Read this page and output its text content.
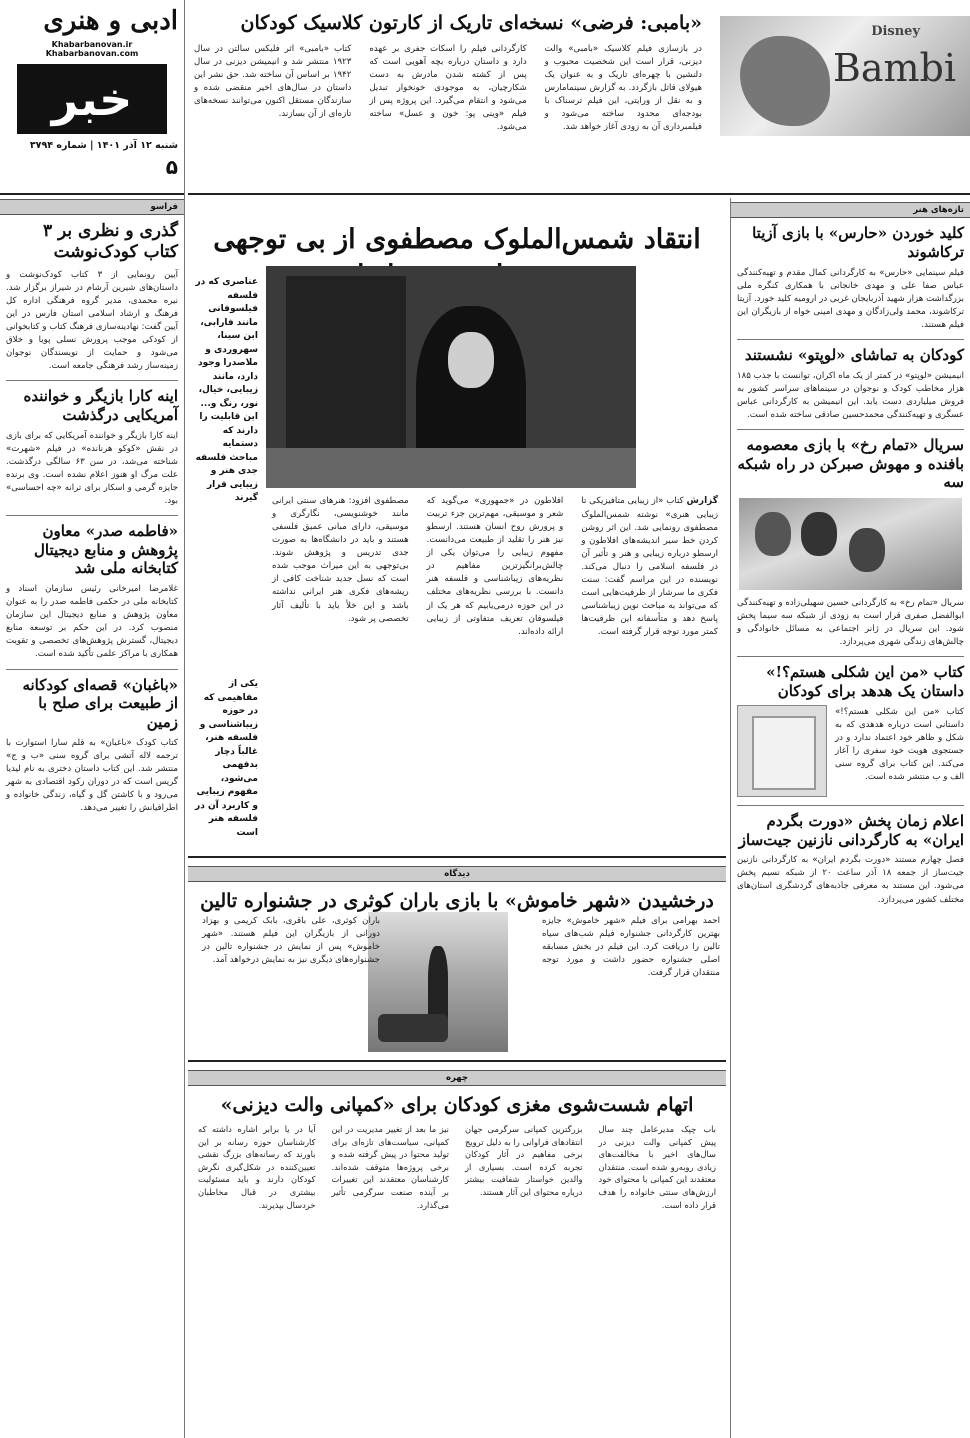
ادبی و هنری
Khabarbanovan.ir Khabarbanovan.com
خبر
شنبه ۱۲ آذر ۱۴۰۱ | شماره ۳۷۹۴
۵
فراسو
گذری و نظری بر ۳ کتاب کودک‌نوشت
آیین رونمایی از ۳ کتاب کودک‌نوشت و داستان‌های شیرین آرشام در شیراز برگزار شد. نیره محمدی، مدیر گروه فرهنگی اداره کل فرهنگ و ارشاد اسلامی استان فارس در این آیین گفت: نهادینه‌سازی فرهنگ کتاب و کتابخوانی از کودکی موجب پرورش نسلی پویا و خلاق می‌شود و حمایت از نویسندگان نوجوان زمینه‌ساز رشد فرهنگی جامعه است.
اینه کارا بازیگر و خواننده آمریکایی درگذشت
اینه کارا بازیگر و خواننده آمریکایی که برای بازی در نقش «کوکو هرنانده» در فیلم «شهرت» شناخته می‌شد، در سن ۶۳ سالگی درگذشت. علت مرگ او هنوز اعلام نشده است. وی برنده جایزه گرمی و اسکار برای ترانه «چه احساسی» بود.
«فاطمه صدر» معاون پژوهش و منابع دیجیتال کتابخانه ملی شد
غلامرضا امیرخانی رئیس سازمان اسناد و کتابخانه ملی در حکمی فاطمه صدر را به عنوان معاون پژوهش و منابع دیجیتال این سازمان منصوب کرد. در این حکم بر توسعه منابع دیجیتال، گسترش پژوهش‌های تخصصی و تقویت همکاری با مراکز علمی تأکید شده است.
«باغبان» قصه‌ای کودکانه از طبیعت برای صلح با زمین
کتاب کودک «باغبان» به قلم سارا استوارت با ترجمه لاله آتشی برای گروه سنی «ب و ج» منتشر شد. این کتاب داستان دختری به نام لیدیا گریس است که در دوران رکود اقتصادی به شهر می‌رود و با کاشتن گل و گیاه، زندگی خانواده و اطرافیانش را تغییر می‌دهد.
Disney
Bambi
«بامبی: فرضی» نسخه‌ای تاریک از کارتون کلاسیک کودکان
در بازسازی فیلم کلاسیک «بامبی» والت دیزنی، قرار است این شخصیت محبوب و دلنشین با چهره‌ای تاریک و به عنوان یک هیولای قاتل بازگردد. به گزارش سینمامارس و به نقل از ورایتی، این فیلم ترسناک با بودجه‌ای محدود ساخته می‌شود و فیلمبرداری آن به زودی آغاز خواهد شد.
کارگردانی فیلم را اسکات جفری بر عهده دارد و داستان درباره بچه آهویی است که پس از کشته شدن مادرش به دست شکارچیان، به موجودی خونخوار تبدیل می‌شود و انتقام می‌گیرد. این پروژه پس از فیلم «وینی پو: خون و عسل» ساخته می‌شود.
کتاب «بامبی» اثر فلیکس سالتن در سال ۱۹۲۳ منتشر شد و انیمیشن دیزنی در سال ۱۹۴۲ بر اساس آن ساخته شد. حق نشر این داستان در سال‌های اخیر منقضی شده و سازندگان مستقل اکنون می‌توانند نسخه‌های تازه‌ای از آن بسازند.
تازه‌های هنر
کلید خوردن «حارس» با بازی آزیتا ترکاشوند
فیلم سینمایی «حارس» به کارگردانی کمال مقدم و تهیه‌کنندگی عباس صفا علی و مهدی خانجانی با همکاری کنگره ملی بزرگداشت هزار شهید آذربایجان غربی در ارومیه کلید خورد. آزیتا ترکاشوند، محمد ولی‌زادگان و مهدی امینی خواه از بازیگران این فیلم هستند.
کودکان به تماشای «لوپتو» نشستند
انیمیشن «لوپتو» در کمتر از یک ماه اکران، توانست با جذب ۱۸۵ هزار مخاطب کودک و نوجوان در سینماهای سراسر کشور به فروش میلیاردی دست یابد. این انیمیشن به کارگردانی عباس عسگری و تهیه‌کنندگی محمدحسین صادقی ساخته شده است.
سریال «تمام رخ» با بازی معصومه بافنده و مهوش صبرکن در راه شبکه سه
سریال «تمام رخ» به کارگردانی حسین سهیلی‌زاده و تهیه‌کنندگی ابوالفضل صفری قرار است به زودی از شبکه سه سیما پخش شود. این سریال در ژانر اجتماعی به مسائل خانوادگی و چالش‌های زندگی شهری می‌پردازد.
کتاب «من این شکلی هستم؟!» داستان یک هدهد برای کودکان
کتاب «من این شکلی هستم؟!» داستانی است درباره هدهدی که به شکل و ظاهر خود اعتماد ندارد و در جستجوی هویت خود سفری را آغاز می‌کند. این کتاب برای گروه سنی الف و ب منتشر شده است.
اعلام زمان پخش «دورت بگردم ایران» به کارگردانی نازنین جیت‌ساز
فصل چهارم مستند «دورت بگردم ایران» به کارگردانی نازنین جیت‌ساز از جمعه ۱۸ آذر ساعت ۲۰ از شبکه نسیم پخش می‌شود. این مستند به معرفی جاذبه‌های گردشگری استان‌های مختلف کشور می‌پردازد.
انتقاد شمس‌الملوک مصطفوی از بی توجهی
عناصری که در فلسفه فیلسوفانی مانند فارابی، ابن سینا، سهروردی و ملاصدرا وجود دارد، مانند زیبایی، خیال، نور، رنگ و... این قابلیت را دارند که دستمایه مباحث فلسفه جدی هنر و زیبایی قرار گیرند
یکی از مفاهیمی که در حوزه زیباشناسی و فلسفه هنر، غالباً دچار بدفهمی می‌شود، مفهوم زیبایی و کاربرد آن در فلسفه هنر است
گزارش کتاب «از زیبایی متافیزیکی تا زیبایی هنری» نوشته شمس‌الملوک مصطفوی رونمایی شد. این اثر روشن کردن خط سیر اندیشه‌های افلاطون و ارسطو درباره زیبایی و هنر و تأثیر آن در فلسفه اسلامی را دنبال می‌کند. نویسنده در این مراسم گفت: سنت فکری ما سرشار از ظرفیت‌هایی است که می‌تواند به مباحث نوین زیباشناسی پاسخ دهد و متأسفانه این ظرفیت‌ها کمتر مورد توجه قرار گرفته است.
افلاطون در «جمهوری» می‌گوید که شعر و موسیقی، مهم‌ترین جزء تربیت و پرورش روح انسان هستند. ارسطو نیز هنر را تقلید از طبیعت می‌دانست. مفهوم زیبایی را می‌توان یکی از چالش‌برانگیزترین مفاهیم در نظریه‌های زیباشناسی و فلسفه هنر دانست. با بررسی نظریه‌های مختلف در این حوزه درمی‌یابیم که هر یک از فیلسوفان تعریف متفاوتی از زیبایی ارائه داده‌اند.
مصطفوی افزود: هنرهای سنتی ایرانی مانند خوشنویسی، نگارگری و موسیقی، دارای مبانی عمیق فلسفی هستند و باید در دانشگاه‌ها به صورت جدی تدریس و پژوهش شوند. بی‌توجهی به این میراث موجب شده است که نسل جدید شناخت کافی از ریشه‌های فکری هنر ایرانی نداشته باشد و این خلأ باید با تألیف آثار تخصصی پر شود.
دیدگاه
درخشیدن «شهر خاموش» با بازی باران کوثری در جشنواره تالین
احمد بهرامی برای فیلم «شهر خاموش» جایزه بهترین کارگردانی جشنواره فیلم شب‌های سیاه تالین را دریافت کرد. این فیلم در بخش مسابقه اصلی جشنواره حضور داشت و مورد توجه منتقدان قرار گرفت.
باران کوثری، علی باقری، بابک کریمی و بهزاد دورانی از بازیگران این فیلم هستند. «شهر خاموش» پس از نمایش در جشنواره تالین در جشنواره‌های دیگری نیز به نمایش درخواهد آمد.
چهره
اتهام شست‌شوی مغزی کودکان برای «کمپانی والت دیزنی»
باب چپک مدیرعامل چند سال پیش کمپانی والت دیزنی در سال‌های اخیر با مخالفت‌های زیادی روبه‌رو شده است. منتقدان معتقدند این کمپانی با محتوای خود ارزش‌های سنتی خانواده را هدف قرار داده است.
بزرگترین کمپانی سرگرمی جهان انتقادهای فراوانی را به دلیل ترویج برخی مفاهیم در آثار کودکان تجربه کرده است. بسیاری از والدین خواستار شفافیت بیشتر درباره محتوای این آثار هستند.
نیز ما بعد از تغییر مدیریت در این کمپانی، سیاست‌های تازه‌ای برای تولید محتوا در پیش گرفته شده و برخی پروژه‌ها متوقف شده‌اند. کارشناسان معتقدند این تغییرات بر آینده صنعت سرگرمی تأثیر می‌گذارد.
آیا در یا برابر اشاره داشته که کارشناسان حوزه رسانه بر این باورند که رسانه‌های بزرگ نقشی تعیین‌کننده در شکل‌گیری نگرش کودکان دارند و باید مسئولیت بیشتری در قبال مخاطبان خردسال بپذیرند.
